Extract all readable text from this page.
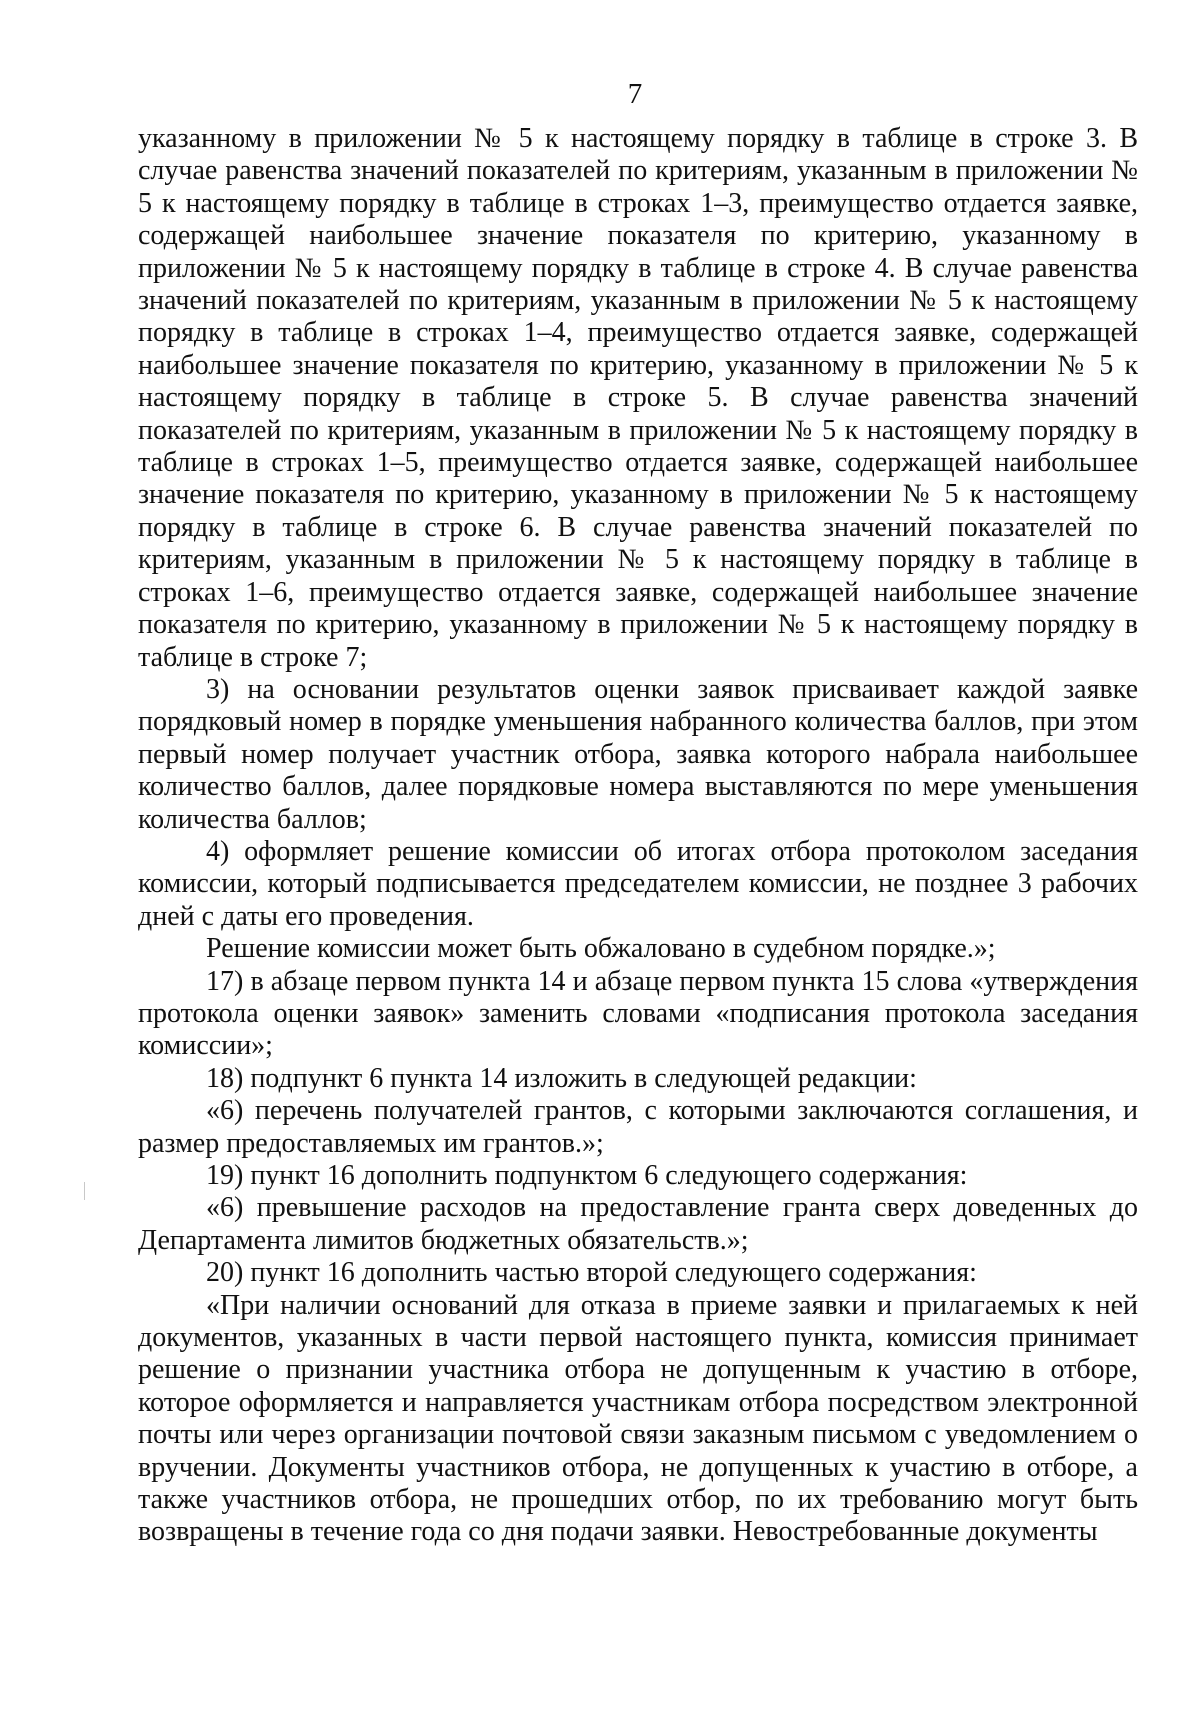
7

указанному в приложении № 5 к настоящему порядку в таблице в строке 3. В случае равенства значений показателей по критериям, указанным в приложении № 5 к настоящему порядку в таблице в строках 1–3, преимущество отдается заявке, содержащей наибольшее значение показателя по критерию, указанному в приложении № 5 к настоящему порядку в таблице в строке 4. В случае равенства значений показателей по критериям, указанным в приложении № 5 к настоящему порядку в таблице в строках 1–4, преимущество отдается заявке, содержащей наибольшее значение показателя по критерию, указанному в приложении № 5 к настоящему порядку в таблице в строке 5. В случае равенства значений показателей по критериям, указанным в приложении № 5 к настоящему порядку в таблице в строках 1–5, преимущество отдается заявке, содержащей наибольшее значение показателя по критерию, указанному в приложении № 5 к настоящему порядку в таблице в строке 6. В случае равенства значений показателей по критериям, указанным в приложении № 5 к настоящему порядку в таблице в строках 1–6, преимущество отдается заявке, содержащей наибольшее значение показателя по критерию, указанному в приложении № 5 к настоящему порядку в таблице в строке 7;

3) на основании результатов оценки заявок присваивает каждой заявке порядковый номер в порядке уменьшения набранного количества баллов, при этом первый номер получает участник отбора, заявка которого набрала наибольшее количество баллов, далее порядковые номера выставляются по мере уменьшения количества баллов;

4) оформляет решение комиссии об итогах отбора протоколом заседания комиссии, который подписывается председателем комиссии, не позднее 3 рабочих дней с даты его проведения.

Решение комиссии может быть обжаловано в судебном порядке.»;

17) в абзаце первом пункта 14 и абзаце первом пункта 15 слова «утверждения протокола оценки заявок» заменить словами «подписания протокола заседания комиссии»;

18) подпункт 6 пункта 14 изложить в следующей редакции:

«6) перечень получателей грантов, с которыми заключаются соглашения, и размер предоставляемых им грантов.»;

19) пункт 16 дополнить подпунктом 6 следующего содержания:

«6) превышение расходов на предоставление гранта сверх доведенных до Департамента лимитов бюджетных обязательств.»;

20) пункт 16 дополнить частью второй следующего содержания:

«При наличии оснований для отказа в приеме заявки и прилагаемых к ней документов, указанных в части первой настоящего пункта, комиссия принимает решение о признании участника отбора не допущенным к участию в отборе, которое оформляется и направляется участникам отбора посредством электронной почты или через организации почтовой связи заказным письмом с уведомлением о вручении. Документы участников отбора, не допущенных к участию в отборе, а также участников отбора, не прошедших отбор, по их требованию могут быть возвращены в течение года со дня подачи заявки. Невостребованные документы
